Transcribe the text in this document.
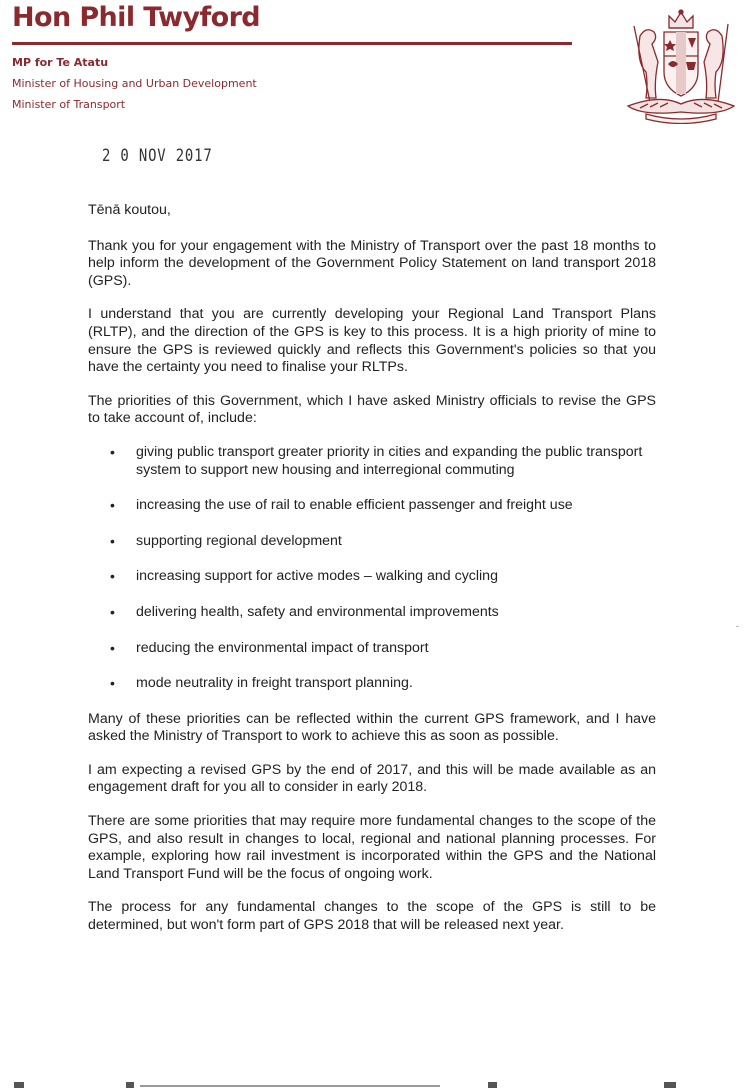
Hon Phil Twyford
MP for Te Atatu
Minister of Housing and Urban Development
Minister of Transport
2 0 NOV 2017

Tēnā koutou,

Thank you for your engagement with the Ministry of Transport over the past 18 months to help inform the development of the Government Policy Statement on land transport 2018 (GPS).

I understand that you are currently developing your Regional Land Transport Plans (RLTP), and the direction of the GPS is key to this process. It is a high priority of mine to ensure the GPS is reviewed quickly and reflects this Government's policies so that you have the certainty you need to finalise your RLTPs.

The priorities of this Government, which I have asked Ministry officials to revise the GPS to take account of, include:

• giving public transport greater priority in cities and expanding the public transport system to support new housing and interregional commuting
• increasing the use of rail to enable efficient passenger and freight use
• supporting regional development
• increasing support for active modes – walking and cycling
• delivering health, safety and environmental improvements
• reducing the environmental impact of transport
• mode neutrality in freight transport planning.

Many of these priorities can be reflected within the current GPS framework, and I have asked the Ministry of Transport to work to achieve this as soon as possible.

I am expecting a revised GPS by the end of 2017, and this will be made available as an engagement draft for you all to consider in early 2018.

There are some priorities that may require more fundamental changes to the scope of the GPS, and also result in changes to local, regional and national planning processes. For example, exploring how rail investment is incorporated within the GPS and the National Land Transport Fund will be the focus of ongoing work.

The process for any fundamental changes to the scope of the GPS is still to be determined, but won't form part of GPS 2018 that will be released next year.
